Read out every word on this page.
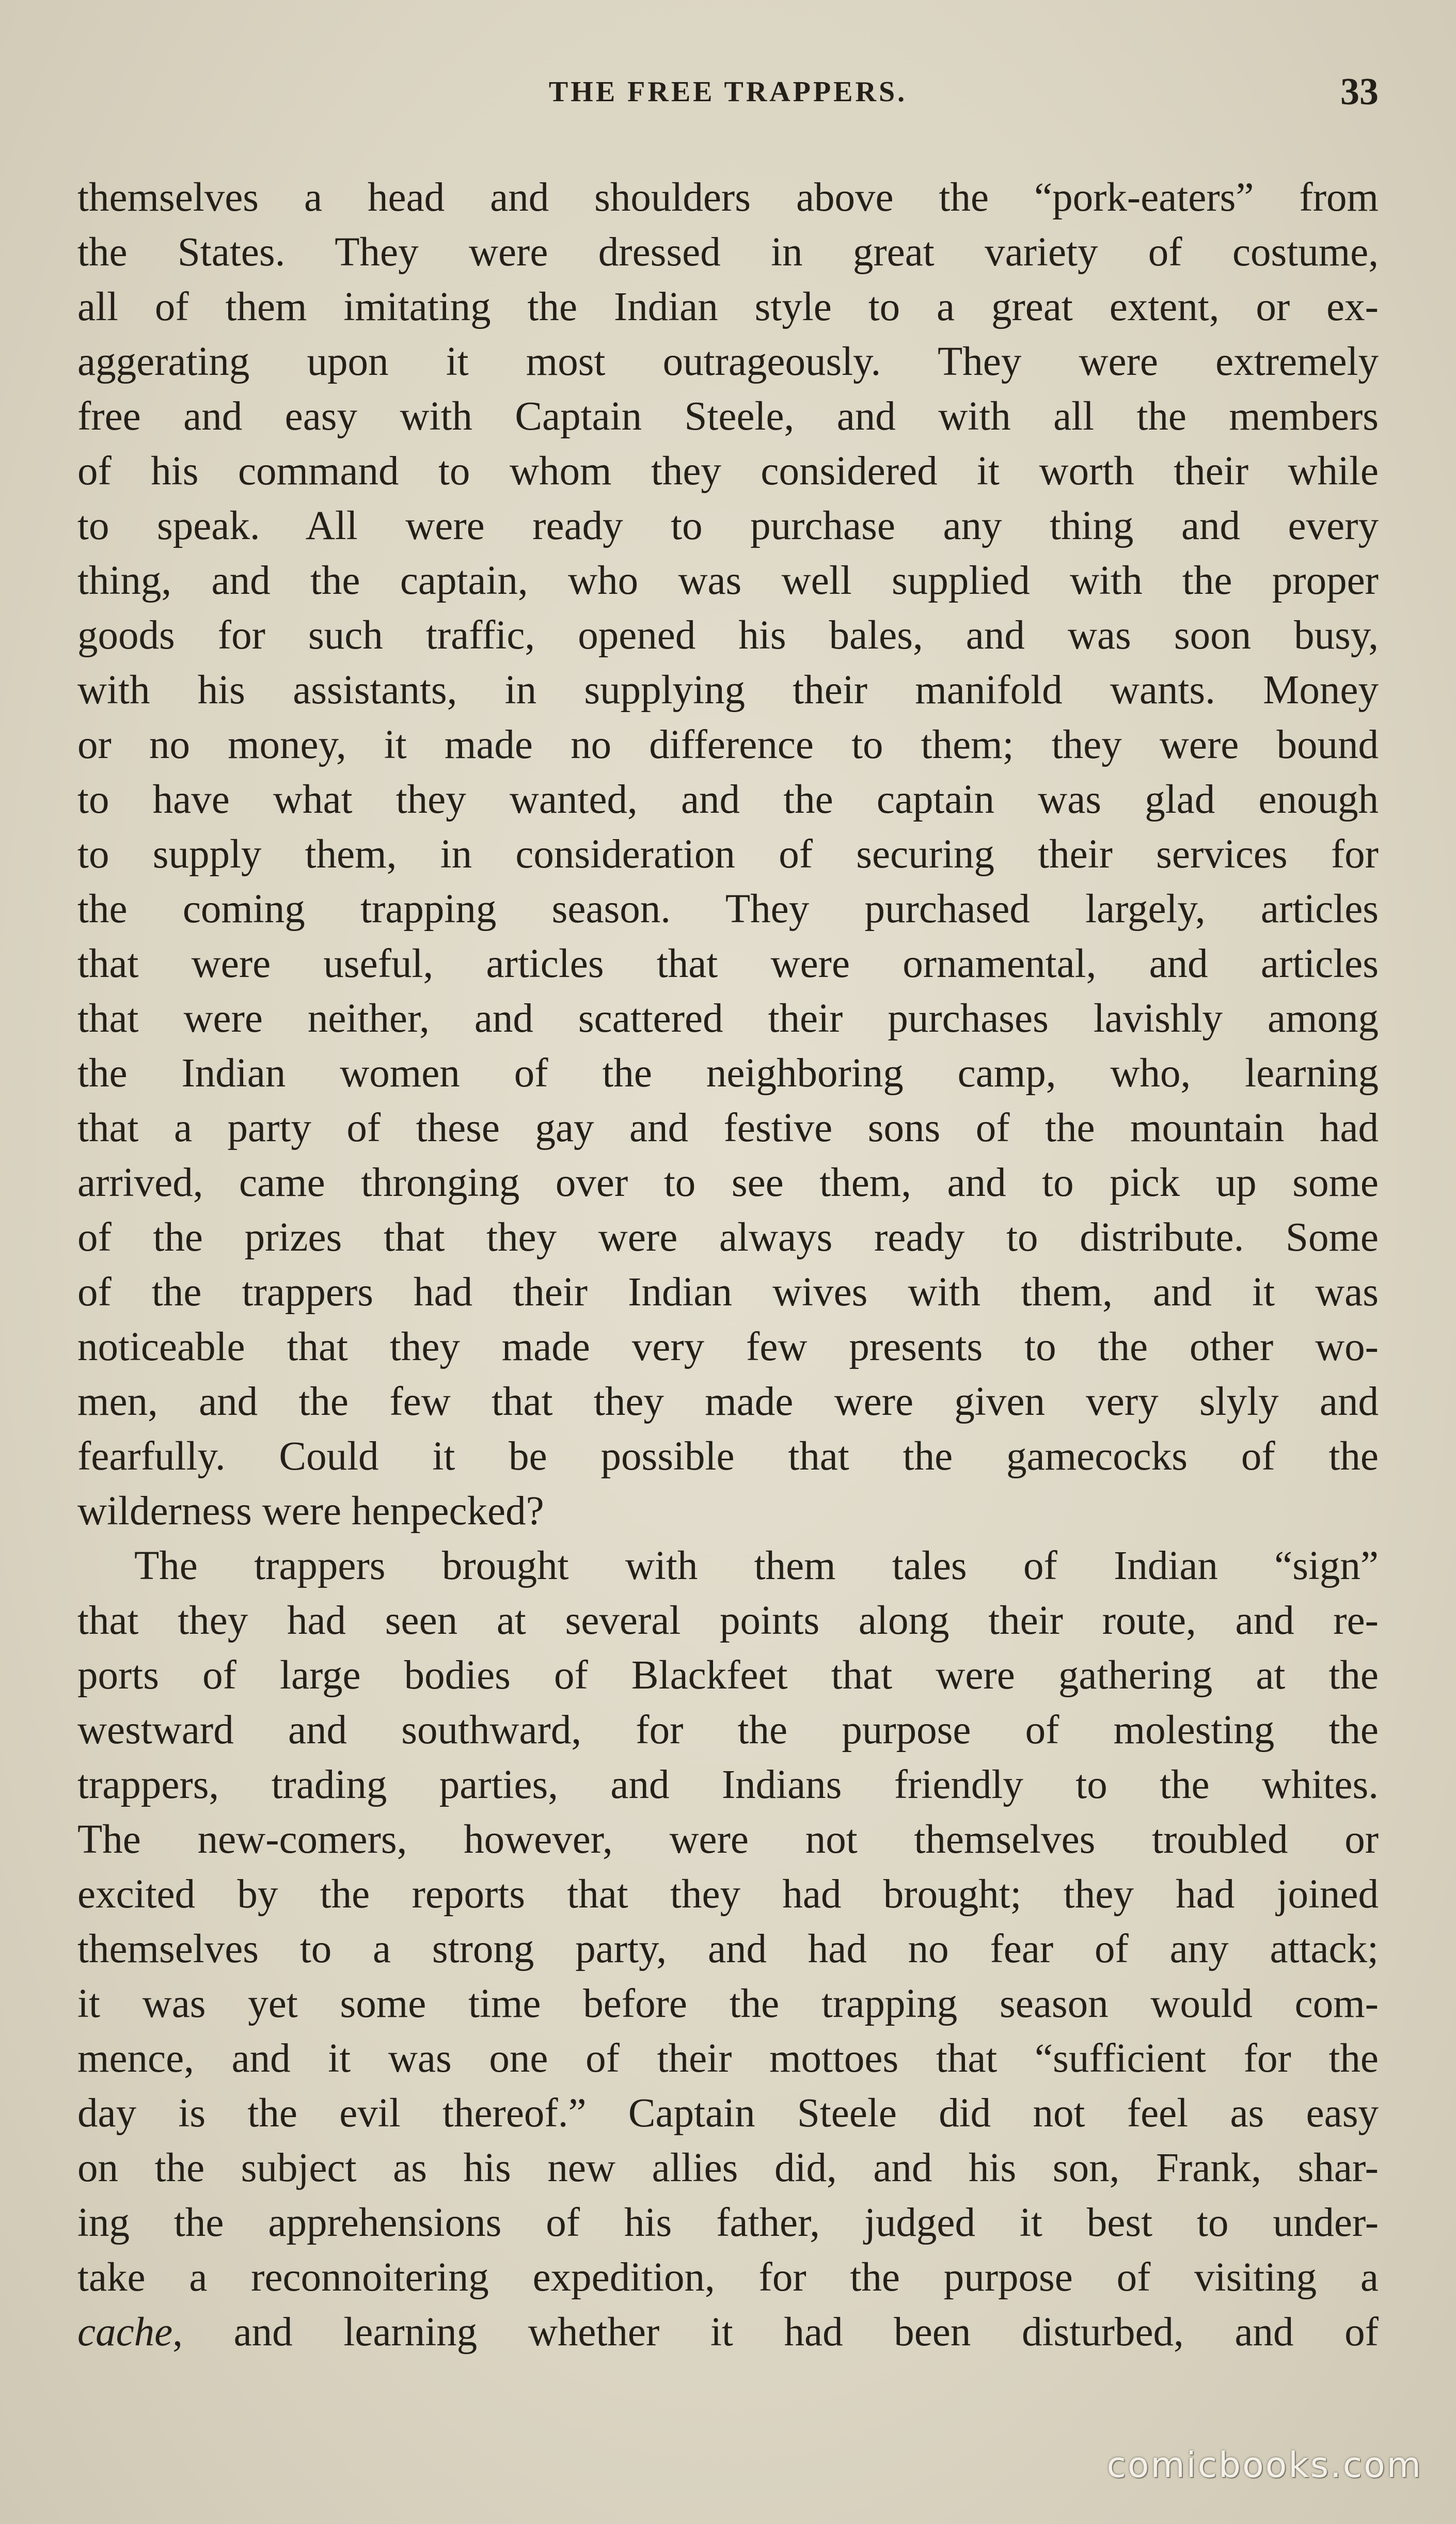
THE FREE TRAPPERS.	33
themselves a head and shoulders above the “pork-eaters” from
the States. They were dressed in great variety of costume,
all of them imitating the Indian style to a great extent, or ex-
aggerating upon it most outrageously. They were extremely
free and easy with Captain Steele, and with all the members
of his command to whom they considered it worth their while
to speak. All were ready to purchase any thing and every
thing, and the captain, who was well supplied with the proper
goods for such traffic, opened his bales, and was soon busy,
with his assistants, in supplying their manifold wants. Money
or no money, it made no difference to them; they were bound
to have what they wanted, and the captain was glad enough
to supply them, in consideration of securing their services for
the coming trapping season. They purchased largely, articles
that were useful, articles that were ornamental, and articles
that were neither, and scattered their purchases lavishly among
the Indian women of the neighboring camp, who, learning
that a party of these gay and festive sons of the mountain had
arrived, came thronging over to see them, and to pick up some
of the prizes that they were always ready to distribute. Some
of the trappers had their Indian wives with them, and it was
noticeable that they made very few presents to the other wo-
men, and the few that they made were given very slyly and
fearfully. Could it be possible that the gamecocks of the
wilderness were henpecked?
The trappers brought with them tales of Indian “sign”
that they had seen at several points along their route, and re-
ports of large bodies of Blackfeet that were gathering at the
westward and southward, for the purpose of molesting the
trappers, trading parties, and Indians friendly to the whites.
The new-comers, however, were not themselves troubled or
excited by the reports that they had brought; they had joined
themselves to a strong party, and had no fear of any attack;
it was yet some time before the trapping season would com-
mence, and it was one of their mottoes that “sufficient for the
day is the evil thereof.” Captain Steele did not feel as easy
on the subject as his new allies did, and his son, Frank, shar-
ing the apprehensions of his father, judged it best to under-
take a reconnoitering expedition, for the purpose of visiting a
cache, and learning whether it had been disturbed, and of
comicbooks.com
